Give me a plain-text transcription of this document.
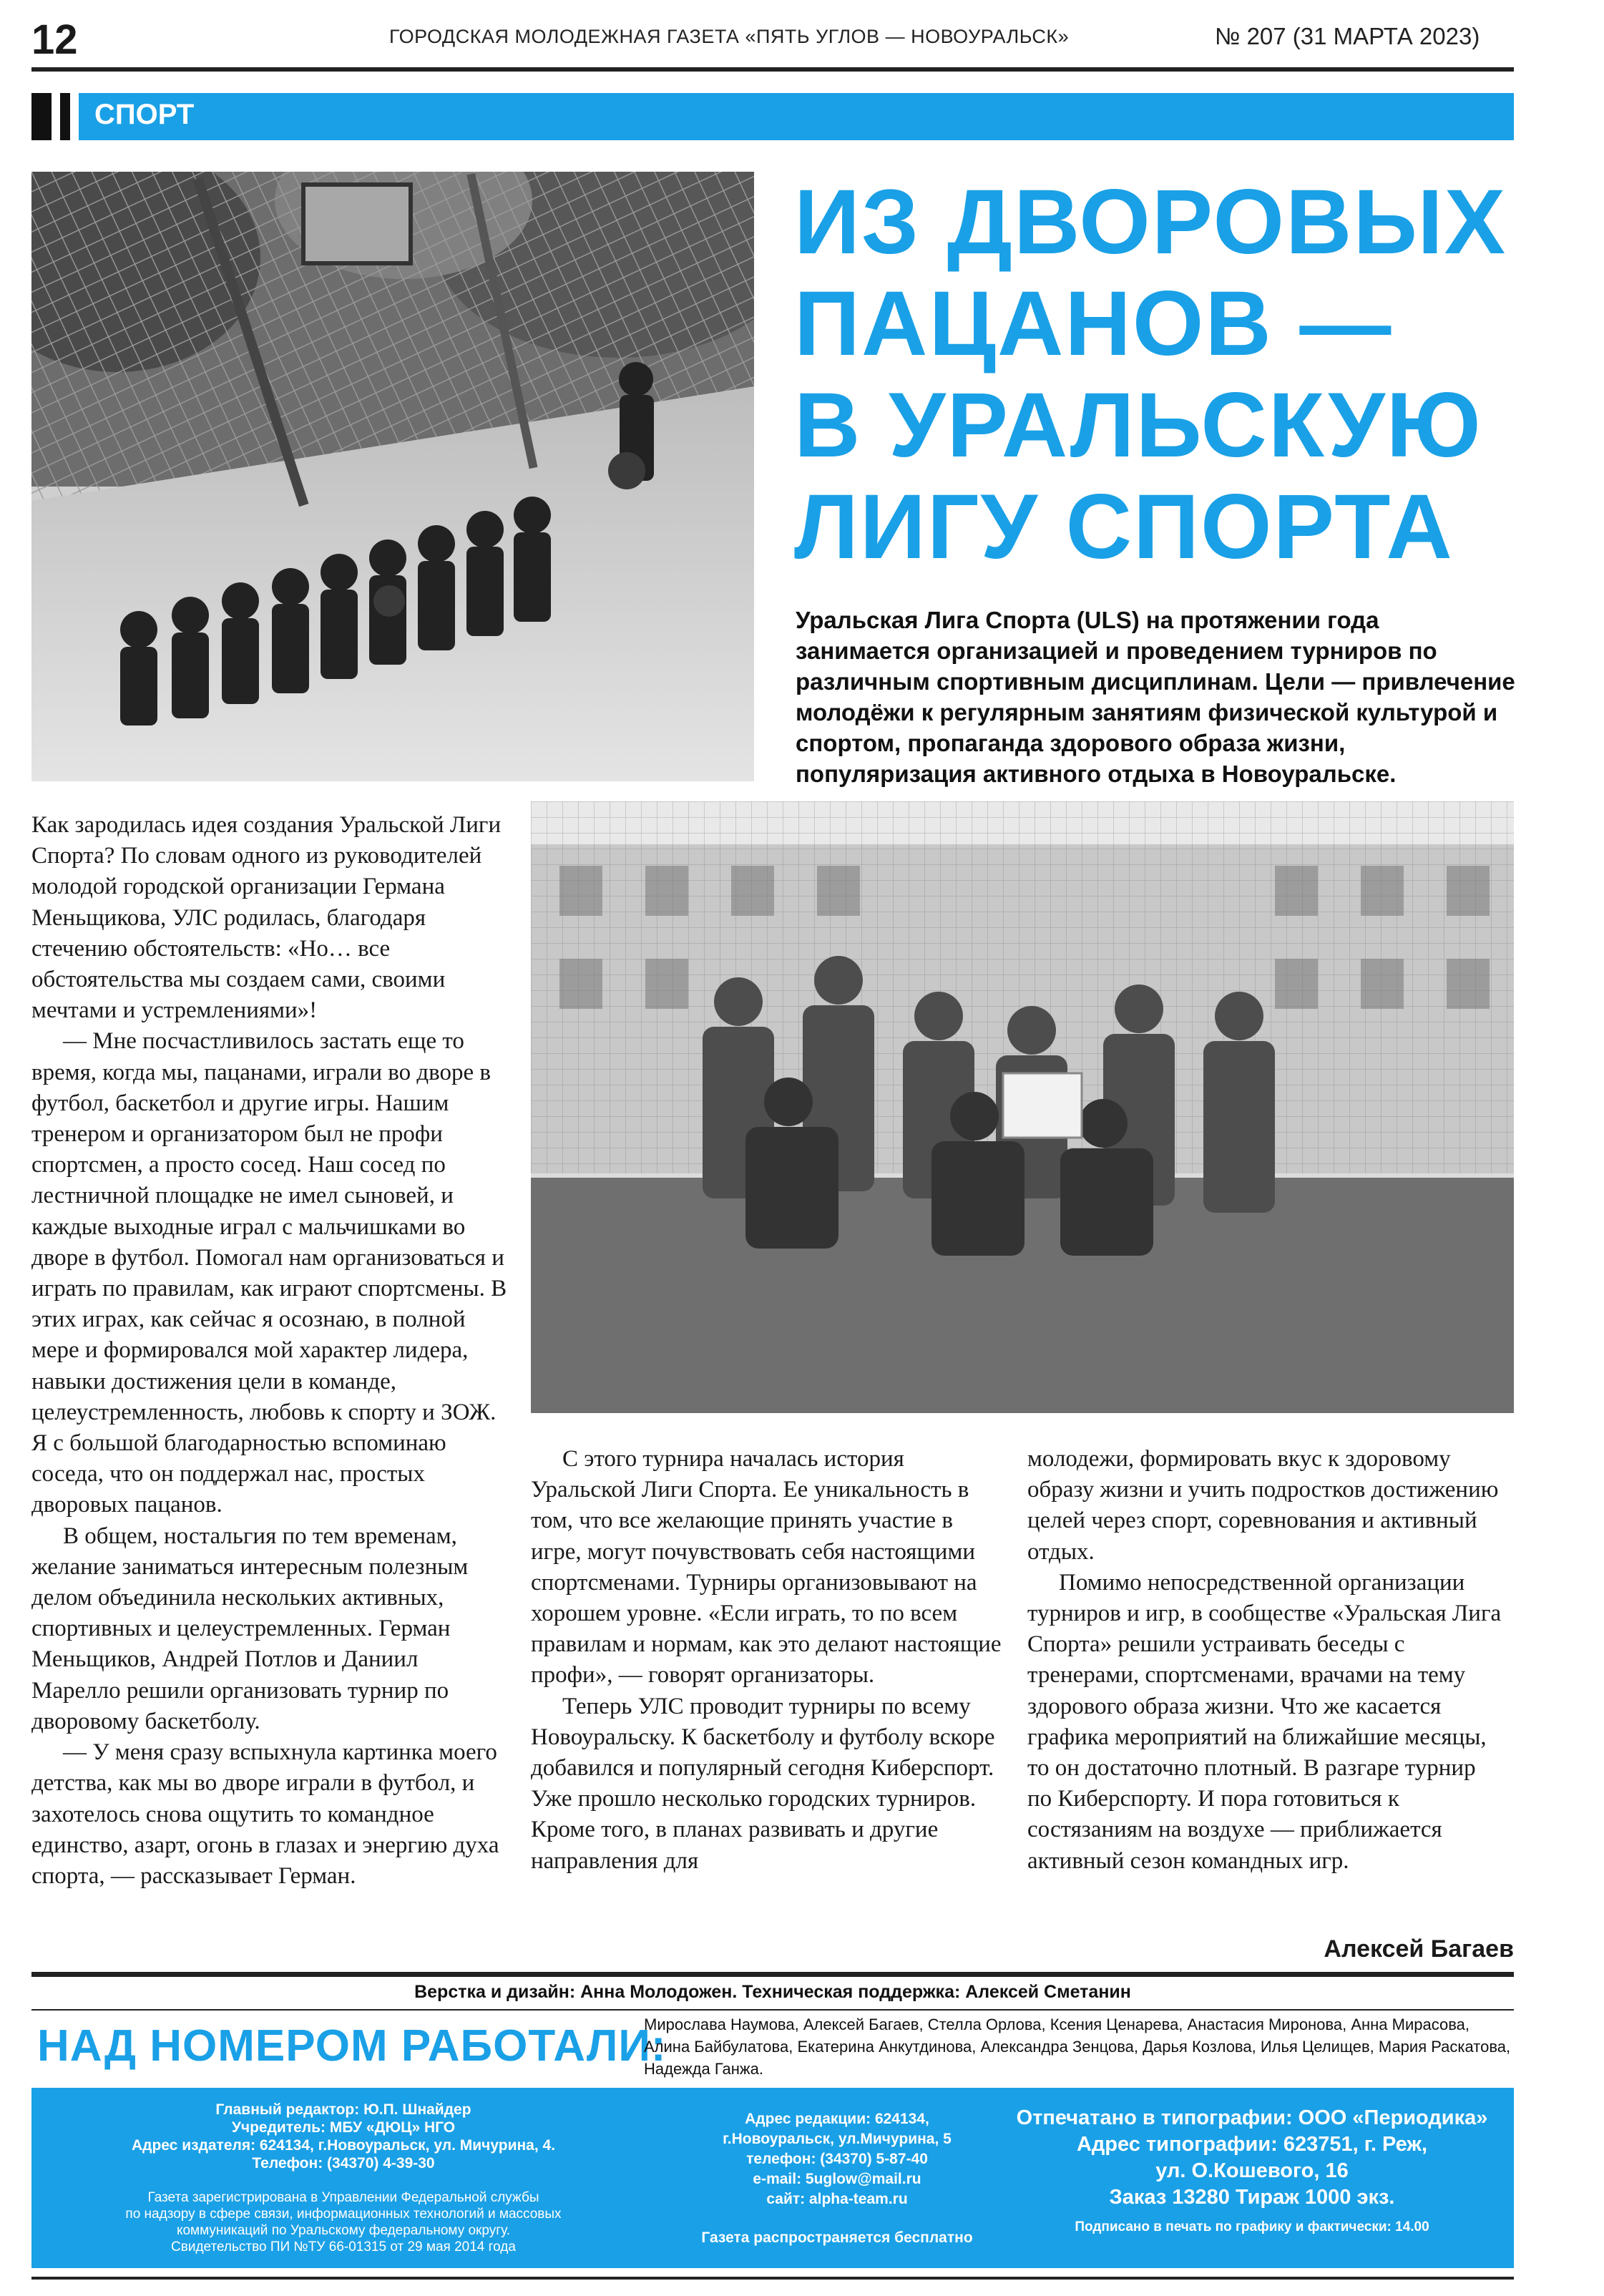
12	ГОРОДСКАЯ МОЛОДЕЖНАЯ ГАЗЕТА «ПЯТЬ УГЛОВ — НОВОУРАЛЬСК»	№ 207 (31 МАРТА 2023)
СПОРТ
ИЗ ДВОРОВЫХ
ПАЦАНОВ —
В УРАЛЬСКУЮ
ЛИГУ СПОРТА
Уральская Лига Спорта (ULS) на протяжении года занимается организацией и проведением турниров по различным спортивным дисциплинам. Цели — привлечение молодёжи к регулярным занятиям физической культурой и спортом, пропаганда здорового образа жизни, популяризация активного отдыха в Новоуральске.

Как зародилась идея создания Уральской Лиги Спорта? По словам одного из руководителей молодой городской организации Германа Меньщикова, УЛС родилась, благодаря стечению обстоятельств: «Но… все обстоятельства мы создаем сами, своими мечтами и устремлениями»!

— Мне посчастливилось застать еще то время, когда мы, пацанами, играли во дворе в футбол, баскетбол и другие игры. Нашим тренером и организатором был не профи спортсмен, а просто сосед. Наш сосед по лестничной площадке не имел сыновей, и каждые выходные играл с мальчишками во дворе в футбол. Помогал нам организоваться и играть по правилам, как играют спортсмены. В этих играх, как сейчас я осознаю, в полной мере и формировался мой характер лидера, навыки достижения цели в команде, целеустремленность, любовь к спорту и ЗОЖ. Я с большой благодарностью вспоминаю соседа, что он поддержал нас, простых дворовых пацанов.

В общем, ностальгия по тем временам, желание заниматься интересным полезным делом объединила нескольких активных, спортивных и целеустремленных. Герман Меньщиков, Андрей Потлов и Даниил Марелло решили организовать турнир по дворовому баскетболу.

— У меня сразу вспыхнула картинка моего детства, как мы во дворе играли в футбол, и захотелось снова ощутить то командное единство, азарт, огонь в глазах и энергию духа спорта, — рассказывает Герман.

С этого турнира началась история Уральской Лиги Спорта. Ее уникальность в том, что все желающие принять участие в игре, могут почувствовать себя настоящими спортсменами. Турниры организовывают на хорошем уровне. «Если играть, то по всем правилам и нормам, как это делают настоящие профи», — говорят организаторы.

Теперь УЛС проводит турниры по всему Новоуральску. К баскетболу и футболу вскоре добавился и популярный сегодня Киберспорт. Уже прошло несколько городских турниров. Кроме того, в планах развивать и другие направления для

молодежи, формировать вкус к здоровому образу жизни и учить подростков достижению целей через спорт, соревнования и активный отдых.

Помимо непосредственной организации турниров и игр, в сообществе «Уральская Лига Спорта» решили устраивать беседы с тренерами, спортсменами, врачами на тему здорового образа жизни. Что же касается графика мероприятий на ближайшие месяцы, то он достаточно плотный. В разгаре турнир по Киберспорту. И пора готовиться к состязаниям на воздухе — приближается активный сезон командных игр.

Алексей Багаев
Верстка и дизайн: Анна Молодожен. Техническая поддержка: Алексей Сметанин
НАД НОМЕРОМ РАБОТАЛИ:
Мирослава Наумова, Алексей Багаев, Стелла Орлова, Ксения Ценарева, Анастасия Миронова, Анна Мирасова, Алина Байбулатова, Екатерина Анкутдинова, Александра Зенцова, Дарья Козлова, Илья Целищев, Мария Раскатова, Надежда Ганжа.
Главный редактор: Ю.П. Шнайдер
Учредитель: МБУ «ДЮЦ» НГО
Адрес издателя: 624134, г.Новоуральск, ул. Мичурина, 4.
Телефон: (34370) 4-39-30
Газета зарегистрирована в Управлении Федеральной службы
по надзору в сфере связи, информационных технологий и массовых
коммуникаций по Уральскому федеральному округу.
Свидетельство ПИ №ТУ 66-01315 от 29 мая 2014 года
Адрес редакции: 624134,
г.Новоуральск, ул.Мичурина, 5
телефон: (34370) 5-87-40
e-mail: 5uglow@mail.ru
сайт: alpha-team.ru
Газета распространяется бесплатно
Отпечатано в типографии: ООО «Периодика»
Адрес типографии: 623751, г. Реж,
ул. О.Кошевого, 16
Заказ 13280 Тираж 1000 экз.
Подписано в печать по графику и фактически: 14.00
